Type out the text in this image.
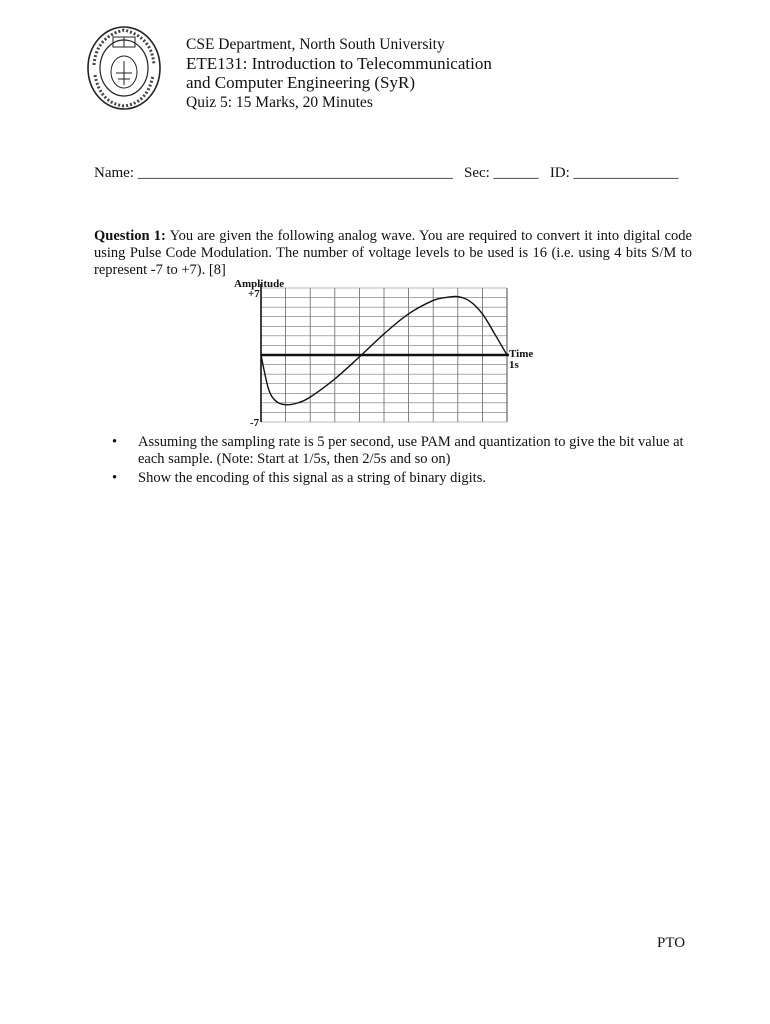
CSE Department, North South University
ETE131: Introduction to Telecommunication
and Computer Engineering (SyR)
Quiz 5: 15 Marks, 20 Minutes
Name: __________________________________________ Sec: ______ ID: ______________
Question 1: You are given the following analog wave. You are required to convert it into digital code using Pulse Code Modulation. The number of voltage levels to be used is 16 (i.e. using 4 bits S/M to represent -7 to +7). [8]
Amplitude
+7
-7
Time
1s
• Assuming the sampling rate is 5 per second, use PAM and quantization to give the bit value at each sample. (Note: Start at 1/5s, then 2/5s and so on)
• Show the encoding of this signal as a string of binary digits.
PTO
